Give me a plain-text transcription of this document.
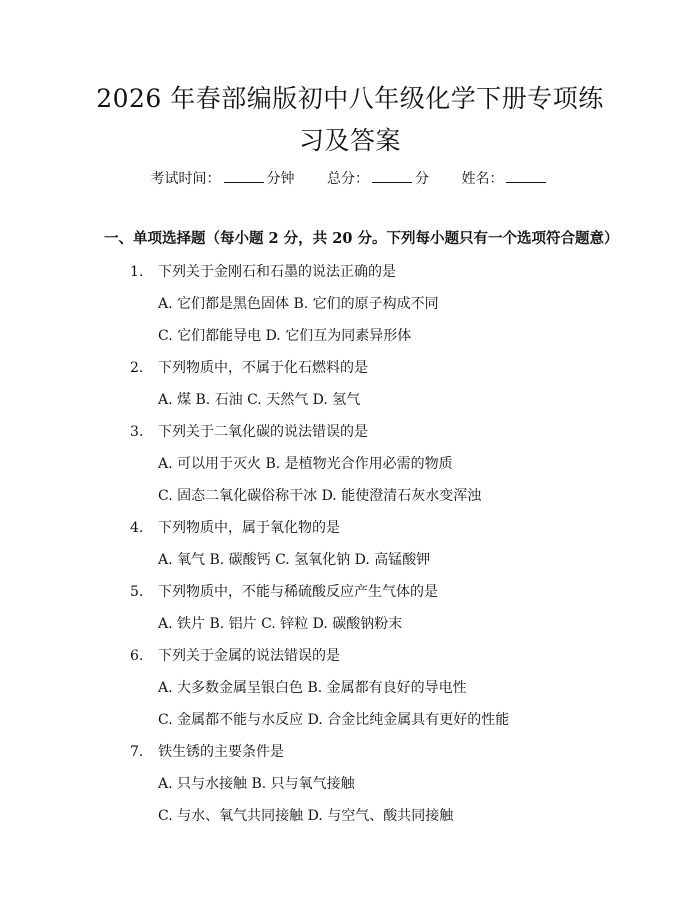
2026 年春部编版初中八年级化学下册专项练
习及答案
考试时间：	分钟 总分：	分 姓名：
一、单项选择题（每小题 2 分，共 20 分。下列每小题只有一个选项符合题意）
1. 下列关于金刚石和石墨的说法正确的是
A. 它们都是黑色固体 B. 它们的原子构成不同
C. 它们都能导电 D. 它们互为同素异形体
2. 下列物质中，不属于化石燃料的是
A. 煤 B. 石油 C. 天然气 D. 氢气
3. 下列关于二氧化碳的说法错误的是
A. 可以用于灭火 B. 是植物光合作用必需的物质
C. 固态二氧化碳俗称干冰 D. 能使澄清石灰水变浑浊
4. 下列物质中，属于氧化物的是
A. 氧气 B. 碳酸钙 C. 氢氧化钠 D. 高锰酸钾
5. 下列物质中，不能与稀硫酸反应产生气体的是
A. 铁片 B. 铝片 C. 锌粒 D. 碳酸钠粉末
6. 下列关于金属的说法错误的是
A. 大多数金属呈银白色 B. 金属都有良好的导电性
C. 金属都不能与水反应 D. 合金比纯金属具有更好的性能
7. 铁生锈的主要条件是
A. 只与水接触 B. 只与氧气接触
C. 与水、氧气共同接触 D. 与空气、酸共同接触
